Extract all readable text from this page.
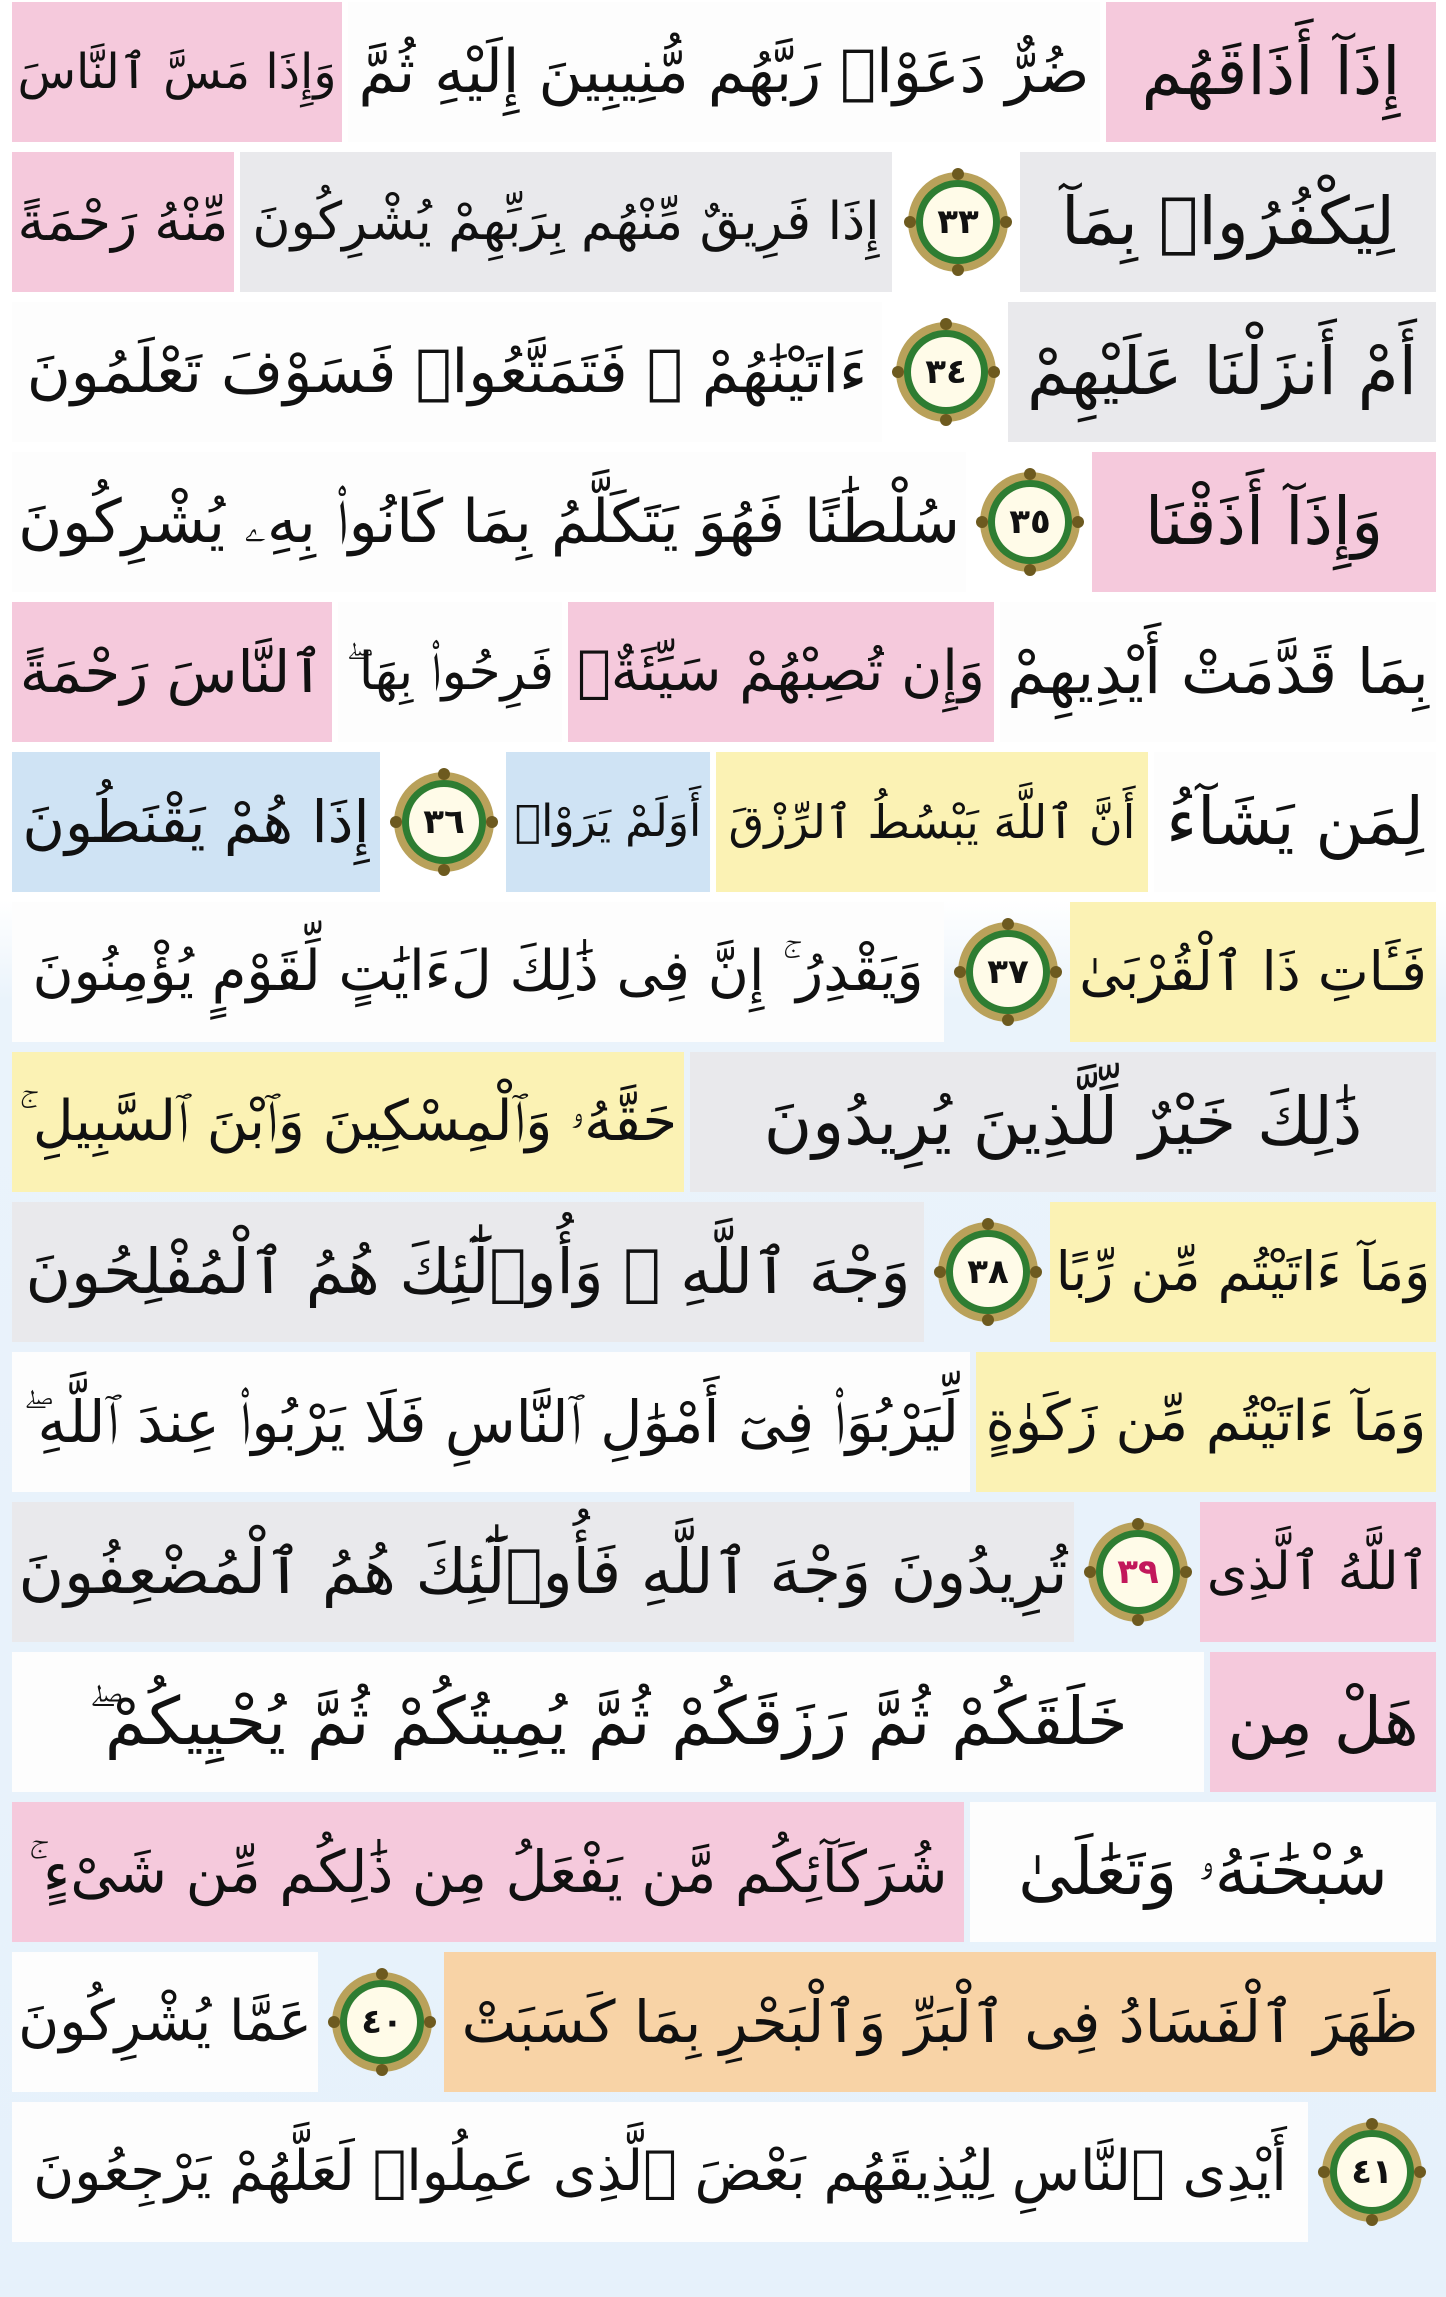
وَإِذَا مَسَّ ٱلنَّاسَ ضُرٌّ دَعَوْا۟ رَبَّهُم مُّنِيبِينَ إِلَيْهِ ثُمَّ إِذَآ أَذَاقَهُم
مِّنْهُ رَحْمَةً إِذَا فَرِيقٌ مِّنْهُم بِرَبِّهِمْ يُشْرِكُونَ	٣٣	لِيَكْفُرُوا۟ بِمَآ
ءَاتَيْنَٰهُمْ ۚ فَتَمَتَّعُوا۟ فَسَوْفَ تَعْلَمُونَ	٣٤ أَمْ أَنزَلْنَا عَلَيْهِمْ
سُلْطَٰنًا فَهُوَ يَتَكَلَّمُ بِمَا كَانُوا۟ بِهِۦ يُشْرِكُونَ	٣٥	وَإِذَآ أَذَقْنَا
ٱلنَّاسَ رَحْمَةً فَرِحُوا۟ بِهَا ۖ وَإِن تُصِبْهُمْ سَيِّئَةٌۢ بِمَا قَدَّمَتْ أَيْدِيهِمْ
إِذَا هُمْ يَقْنَطُونَ	٣٦	أَوَلَمْ يَرَوْا۟ أَنَّ ٱللَّهَ يَبْسُطُ ٱلرِّزْقَ لِمَن يَشَآءُ
وَيَقْدِرُ ۚ إِنَّ فِى ذَٰلِكَ لَءَايَٰتٍ لِّقَوْمٍ يُؤْمِنُونَ	٣٧ فَـَٔاتِ ذَا ٱلْقُرْبَىٰ
حَقَّهُۥ وَٱلْمِسْكِينَ وَٱبْنَ ٱلسَّبِيلِ ۚ ذَٰلِكَ خَيْرٌ لِّلَّذِينَ يُرِيدُونَ
وَجْهَ ٱللَّهِ ۖ وَأُو۟لَٰٓئِكَ هُمُ ٱلْمُفْلِحُونَ	٣٨ وَمَآ ءَاتَيْتُم مِّن رِّبًا
لِّيَرْبُوَا۟ فِىٓ أَمْوَٰلِ ٱلنَّاسِ فَلَا يَرْبُوا۟ عِندَ ٱللَّهِ ۖ وَمَآ ءَاتَيْتُم مِّن زَكَوٰةٍ
تُرِيدُونَ وَجْهَ ٱللَّهِ فَأُو۟لَٰٓئِكَ هُمُ ٱلْمُضْعِفُونَ	٣٩ ٱللَّهُ ٱلَّذِى
خَلَقَكُمْ ثُمَّ رَزَقَكُمْ ثُمَّ يُمِيتُكُمْ ثُمَّ يُحْيِيكُمْ ۖ هَلْ مِن
شُرَكَآئِكُم مَّن يَفْعَلُ مِن ذَٰلِكُم مِّن شَىْءٍ ۚ سُبْحَٰنَهُۥ وَتَعَٰلَىٰ
عَمَّا يُشْرِكُونَ	٤٠	ظَهَرَ ٱلْفَسَادُ فِى ٱلْبَرِّ وَٱلْبَحْرِ بِمَا كَسَبَتْ
أَيْدِى ٱلنَّاسِ لِيُذِيقَهُم بَعْضَ ٱلَّذِى عَمِلُوا۟ لَعَلَّهُمْ يَرْجِعُونَ	٤١
